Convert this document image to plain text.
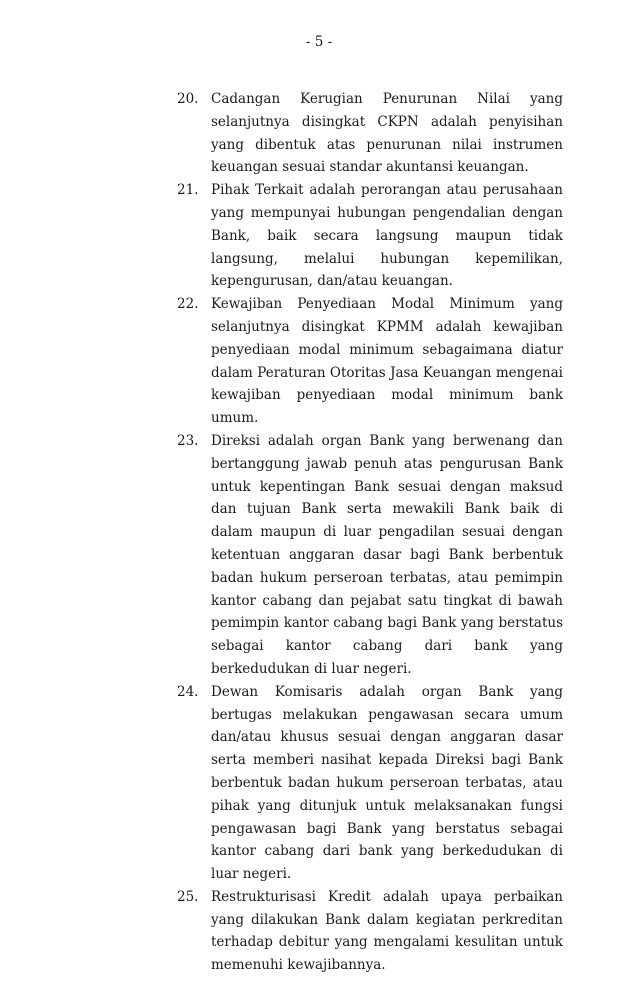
- 5 -
20. Cadangan Kerugian Penurunan Nilai yang selanjutnya disingkat CKPN adalah penyisihan yang dibentuk atas penurunan nilai instrumen keuangan sesuai standar akuntansi keuangan.
21. Pihak Terkait adalah perorangan atau perusahaan yang mempunyai hubungan pengendalian dengan Bank, baik secara langsung maupun tidak langsung, melalui hubungan kepemilikan, kepengurusan, dan/atau keuangan.
22. Kewajiban Penyediaan Modal Minimum yang selanjutnya disingkat KPMM adalah kewajiban penyediaan modal minimum sebagaimana diatur dalam Peraturan Otoritas Jasa Keuangan mengenai kewajiban penyediaan modal minimum bank umum.
23. Direksi adalah organ Bank yang berwenang dan bertanggung jawab penuh atas pengurusan Bank untuk kepentingan Bank sesuai dengan maksud dan tujuan Bank serta mewakili Bank baik di dalam maupun di luar pengadilan sesuai dengan ketentuan anggaran dasar bagi Bank berbentuk badan hukum perseroan terbatas, atau pemimpin kantor cabang dan pejabat satu tingkat di bawah pemimpin kantor cabang bagi Bank yang berstatus sebagai kantor cabang dari bank yang berkedudukan di luar negeri.
24. Dewan Komisaris adalah organ Bank yang bertugas melakukan pengawasan secara umum dan/atau khusus sesuai dengan anggaran dasar serta memberi nasihat kepada Direksi bagi Bank berbentuk badan hukum perseroan terbatas, atau pihak yang ditunjuk untuk melaksanakan fungsi pengawasan bagi Bank yang berstatus sebagai kantor cabang dari bank yang berkedudukan di luar negeri.
25. Restrukturisasi Kredit adalah upaya perbaikan yang dilakukan Bank dalam kegiatan perkreditan terhadap debitur yang mengalami kesulitan untuk memenuhi kewajibannya.
